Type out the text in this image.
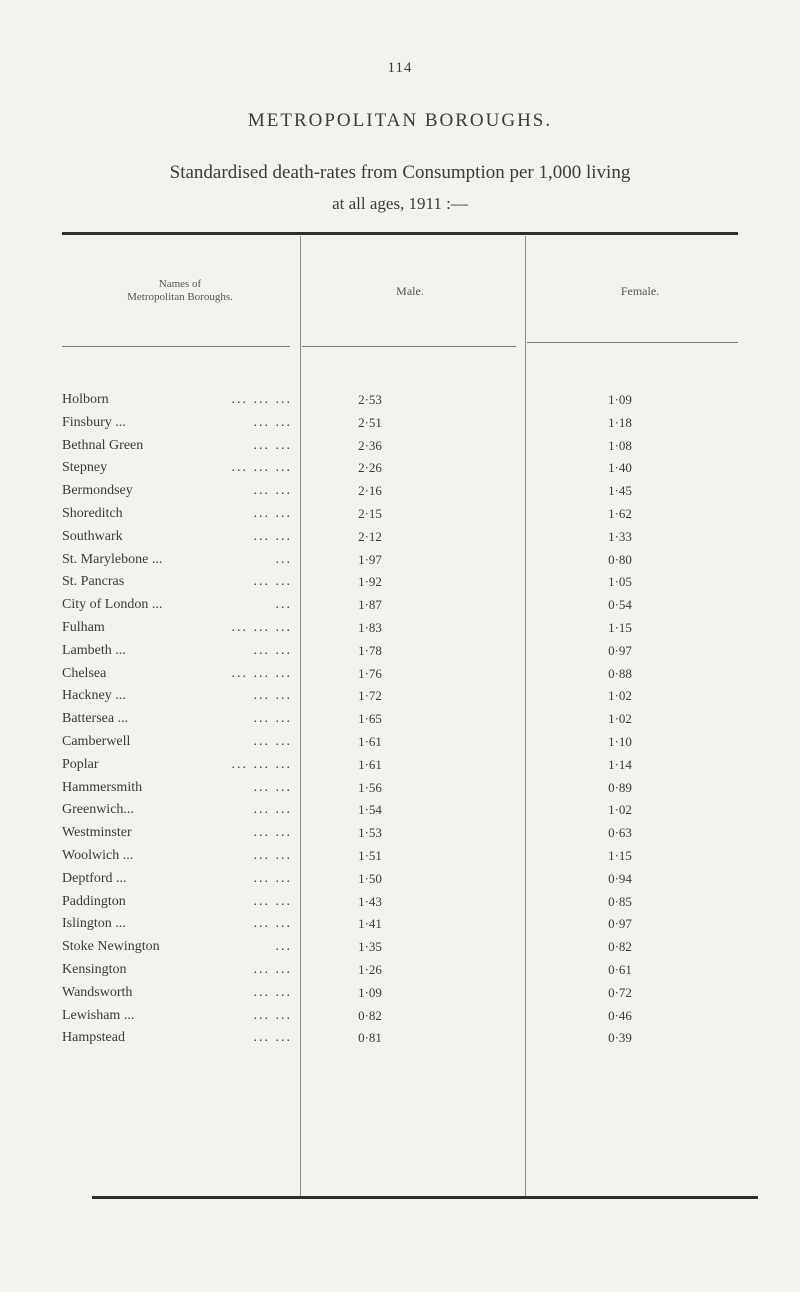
114
METROPOLITAN BOROUGHS.
Standardised death-rates from Consumption per 1,000 living
at all ages, 1911 :—
Names of
Metropolitan Boroughs.	Male.	Female.
Holborn	... ... ...	2·53	1·09
Finsbury ...	... ...	2·51	1·18
Bethnal Green	... ...	2·36	1·08
Stepney	... ... ...	2·26	1·40
Bermondsey	... ...	2·16	1·45
Shoreditch	... ...	2·15	1·62
Southwark	... ...	2·12	1·33
St. Marylebone ...	...	1·97	0·80
St. Pancras	... ...	1·92	1·05
City of London ...	...	1·87	0·54
Fulham	... ... ...	1·83	1·15
Lambeth ...	... ...	1·78	0·97
Chelsea	... ... ...	1·76	0·88
Hackney ...	... ...	1·72	1·02
Battersea ...	... ...	1·65	1·02
Camberwell	... ...	1·61	1·10
Poplar	... ... ...	1·61	1·14
Hammersmith	... ...	1·56	0·89
Greenwich...	... ...	1·54	1·02
Westminster	... ...	1·53	0·63
Woolwich ...	... ...	1·51	1·15
Deptford ...	... ...	1·50	0·94
Paddington	... ...	1·43	0·85
Islington ...	... ...	1·41	0·97
Stoke Newington	...	1·35	0·82
Kensington	... ...	1·26	0·61
Wandsworth	... ...	1·09	0·72
Lewisham ...	... ...	0·82	0·46
Hampstead	... ...	0·81	0·39
